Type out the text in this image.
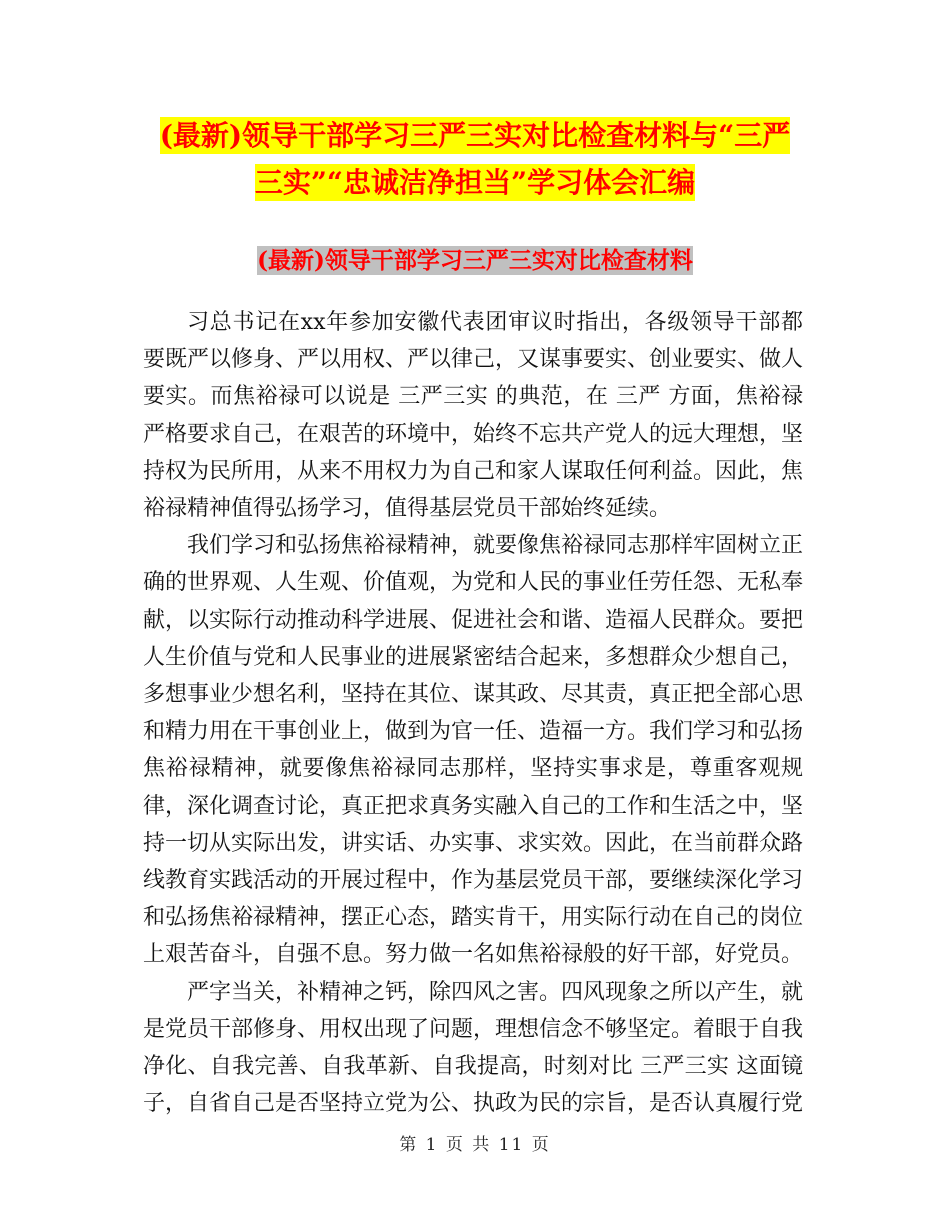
(最新)领导干部学习三严三实对比检查材料与“三严
三实”“忠诚洁净担当”学习体会汇编
(最新)领导干部学习三严三实对比检查材料

习总书记在xx年参加安徽代表团审议时指出，各级领导干部都要既严以修身、严以用权、严以律己，又谋事要实、创业要实、做人要实。而焦裕禄可以说是 三严三实 的典范，在 三严 方面，焦裕禄严格要求自己，在艰苦的环境中，始终不忘共产党人的远大理想，坚持权为民所用，从来不用权力为自己和家人谋取任何利益。因此，焦裕禄精神值得弘扬学习，值得基层党员干部始终延续。

我们学习和弘扬焦裕禄精神，就要像焦裕禄同志那样牢固树立正确的世界观、人生观、价值观，为党和人民的事业任劳任怨、无私奉献，以实际行动推动科学进展、促进社会和谐、造福人民群众。要把人生价值与党和人民事业的进展紧密结合起来，多想群众少想自己，多想事业少想名利，坚持在其位、谋其政、尽其责，真正把全部心思和精力用在干事创业上，做到为官一任、造福一方。我们学习和弘扬焦裕禄精神，就要像焦裕禄同志那样，坚持实事求是，尊重客观规律，深化调查讨论，真正把求真务实融入自己的工作和生活之中，坚持一切从实际出发，讲实话、办实事、求实效。因此，在当前群众路线教育实践活动的开展过程中，作为基层党员干部，要继续深化学习和弘扬焦裕禄精神，摆正心态，踏实肯干，用实际行动在自己的岗位上艰苦奋斗，自强不息。努力做一名如焦裕禄般的好干部，好党员。

严字当关，补精神之钙，除四风之害。四风现象之所以产生，就是党员干部修身、用权出现了问题，理想信念不够坚定。着眼于自我净化、自我完善、自我革新、自我提高，时刻对比 三严三实 这面镜子，自省自己是否坚持立党为公、执政为民的宗旨，是否认真履行党

第 1 页 共 11 页
